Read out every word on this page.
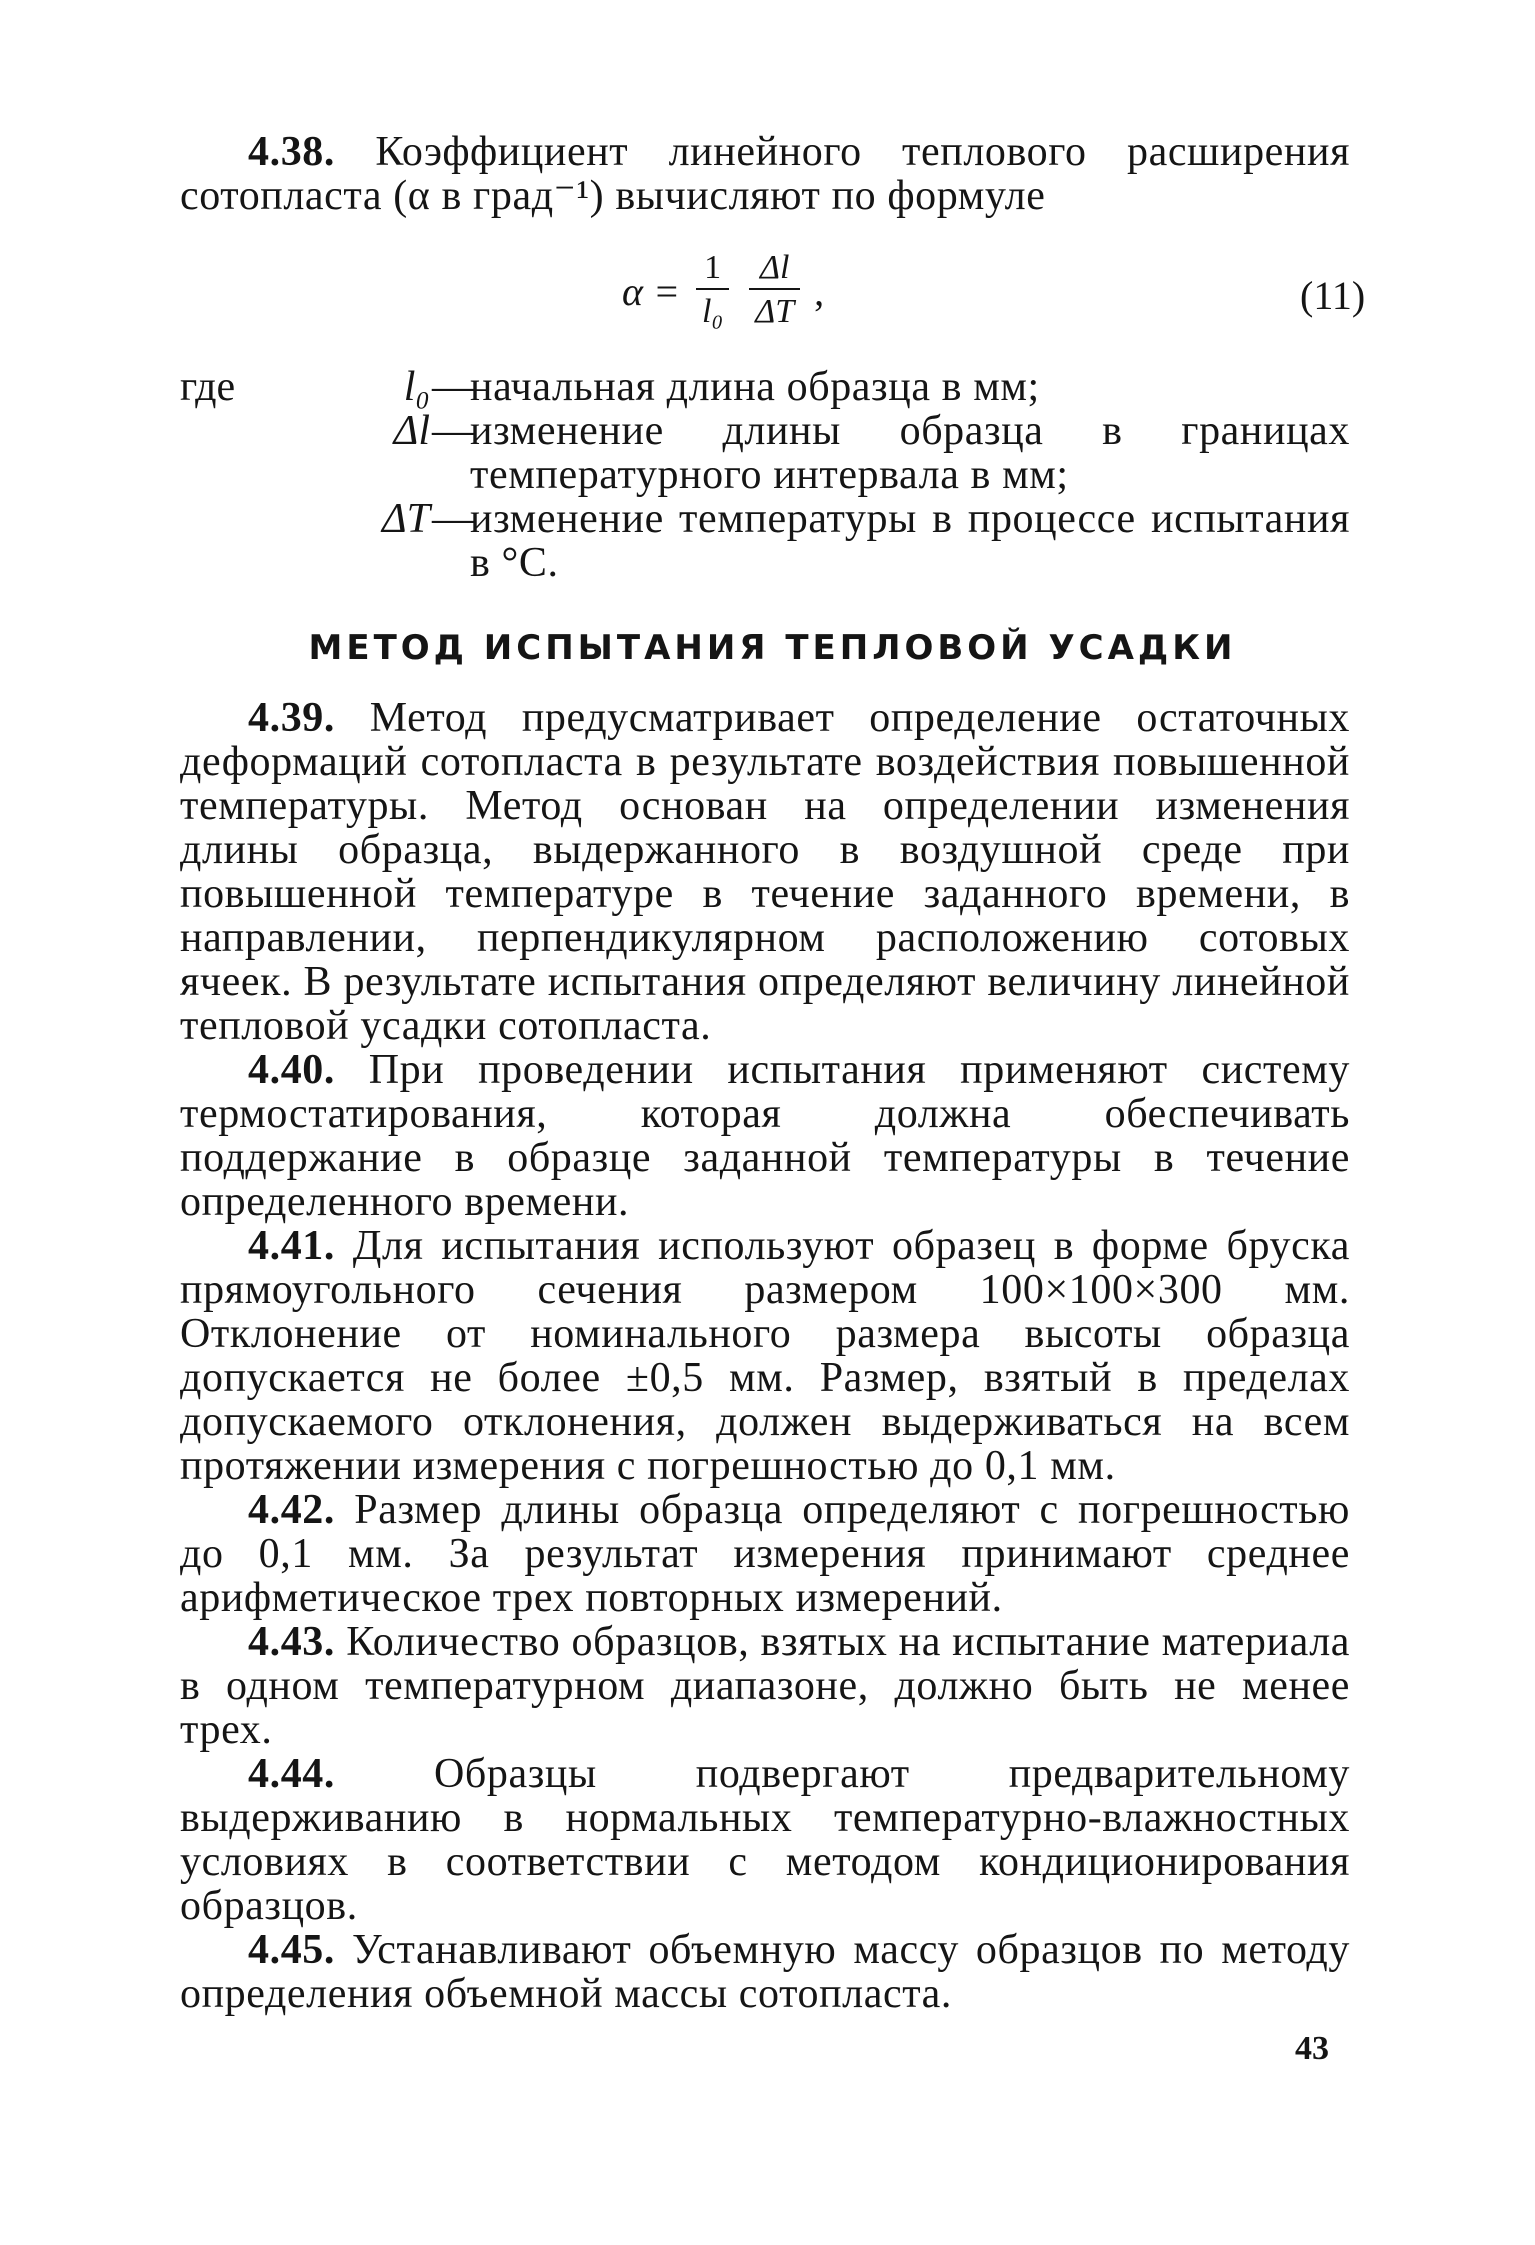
4.38. Коэффициент линейного теплового расширения сотопласта (α в град⁻¹) вычисляют по формуле

$\alpha = \frac{1}{\text{l₀}} \frac{\Delta l}{\Delta T}$ ,	(11)
где	l₀ —
начальная длина образца в мм;
Δl —
изменение длины образца в границах температурного интервала в мм;
ΔT —
изменение температуры в процессе испытания в °С.
МЕТОД ИСПЫТАНИЯ ТЕПЛОВОЙ УСАДКИ

4.39. Метод предусматривает определение остаточных деформаций сотопласта в результате воздействия повышенной температуры. Метод основан на определении изменения длины образца, выдержанного в воздушной среде при повышенной температуре в течение заданного времени, в направлении, перпендикулярном расположению сотовых ячеек. В результате испытания определяют величину линейной тепловой усадки сотопласта.

4.40. При проведении испытания применяют систему термостатирования, которая должна обеспечивать поддержание в образце заданной температуры в течение определенного времени.

4.41. Для испытания используют образец в форме бруска прямоугольного сечения размером 100×100×300 мм. Отклонение от номинального размера высоты образца допускается не более ±0,5 мм. Размер, взятый в пределах допускаемого отклонения, должен выдерживаться на всем протяжении измерения с погрешностью до 0,1 мм.

4.42. Размер длины образца определяют с погрешностью до 0,1 мм. За результат измерения принимают среднее арифметическое трех повторных измерений.

4.43. Количество образцов, взятых на испытание материала в одном температурном диапазоне, должно быть не менее трех.

4.44. Образцы подвергают предварительному выдерживанию в нормальных температурно-влажностных условиях в соответствии с методом кондиционирования образцов.

4.45. Устанавливают объемную массу образцов по методу определения объемной массы сотопласта.

43
